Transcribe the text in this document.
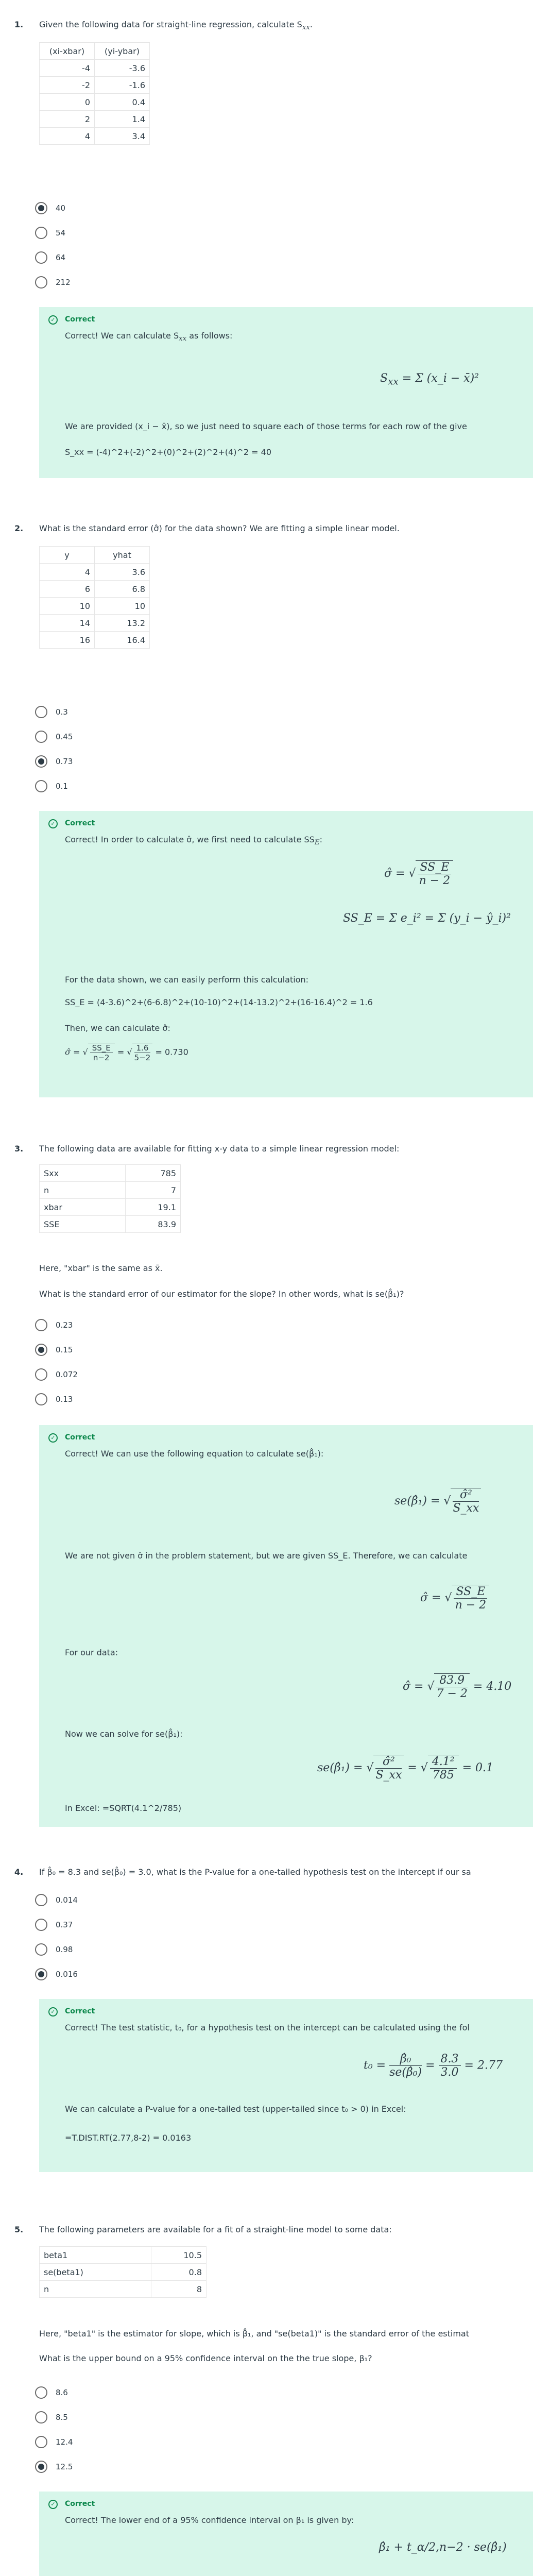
1. Given the following data for straight-line regression, calculate $S_{xx}$.
(xi-xbar)	(yi-ybar)
-4	-3.6
-2	-1.6
0	0.4
2	1.4
4	3.4
40
54
64
212
✓	Correct
Correct! We can calculate $S_{xx}$ as follows:
$S_{xx} = \Sigma$ (x_i − x̄)²
We are provided (x_i − x̄), so we just need to square each of those terms for each row of the give
S_xx = (-4)^2+(-2)^2+(0)^2+(2)^2+(4)^2 = 40
2. What is the standard error (σ̂) for the data shown? We are fitting a simple linear model.
y	yhat
4	3.6
6	6.8
10	10
14	13.2
16	16.4
0.3
0.45
0.73
0.1
✓	Correct
Correct! In order to calculate σ̂, we first need to calculate $SS_E$:
σ̂ = √ $\frac{SS\_E}{n - 2}$
SS_E = Σ e_i² = Σ (y_i − ŷ_i)²
For the data shown, we can easily perform this calculation:
SS_E = (4-3.6)^2+(6-6.8)^2+(10-10)^2+(14-13.2)^2+(16-16.4)^2 = 1.6
Then, we can calculate σ̂:
σ̂ = √ $\frac{SS\_E}{n-2}$ = √ $\frac{1.6}{5-2} = 0.730$
3. The following data are available for fitting x-y data to a simple linear regression model:
Sxx	785
n	7
xbar	19.1
SSE	83.9
Here, "xbar" is the same as x̄.
What is the standard error of our estimator for the slope? In other words, what is se(β̂₁)?
0.23
0.15
0.072
0.13
✓	Correct
Correct! We can use the following equation to calculate se(β̂₁):
se(β̂₁) = √ $\frac{\text{σ̂²}}{S\_xx}$
We are not given σ̂ in the problem statement, but we are given SS_E. Therefore, we can calculate
σ̂ = √ $\frac{SS\_E}{n - 2}$
For our data:
σ̂ = √ $\frac{83.9}{7 - 2} = 4.10$
Now we can solve for se(β̂₁):
se(β̂₁) = √ $\frac{\text{σ̂²}}{S\_xx}$ = √ $\frac{\text{4.1²}}{785} = 0.1$
In Excel: =SQRT(4.1^2/785)
4. If β̂₀ = 8.3 and se(β̂₀) = 3.0, what is the P-value for a one-tailed hypothesis test on the intercept if our sa
0.014
0.37
0.98
0.016
✓	Correct
Correct! The test statistic, t₀, for a hypothesis test on the intercept can be calculated using the fol
$t_0 = \frac{\text{β̂₀}}{\text{se(β̂₀)}} = \frac{8.3}{3.0} = 2.77$
We can calculate a P-value for a one-tailed test (upper-tailed since t₀ > 0) in Excel:
=T.DIST.RT(2.77,8-2) = 0.0163
5. The following parameters are available for a fit of a straight-line model to some data:
beta1	10.5
se(beta1)	0.8
n	8
Here, "beta1" is the estimator for slope, which is β̂₁, and "se(beta1)" is the standard error of the estimat
What is the upper bound on a 95% confidence interval on the the true slope, β₁?
8.6
8.5
12.4
12.5
✓	Correct
Correct! The lower end of a 95% confidence interval on β₁ is given by:
β̂₁ + t_α/2,n−2 · se(β̂₁)
